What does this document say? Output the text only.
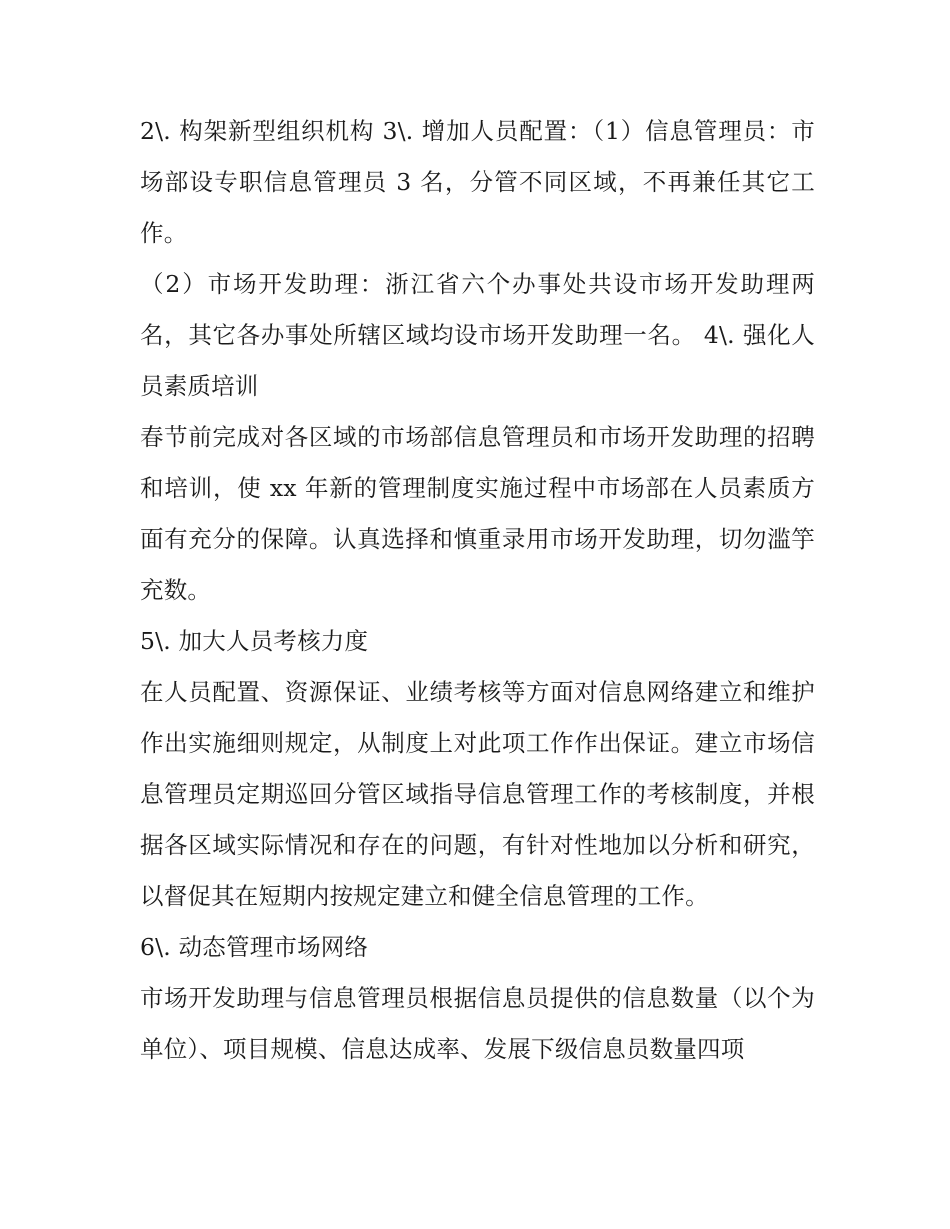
2\. 构架新型组织机构 3\. 增加人员配置：（1）信息管理员：市场部设专职信息管理员 3 名，分管不同区域，不再兼任其它工作。

（2）市场开发助理：浙江省六个办事处共设市场开发助理两名，其它各办事处所辖区域均设市场开发助理一名。 4\. 强化人员素质培训

春节前完成对各区域的市场部信息管理员和市场开发助理的招聘和培训，使 xx 年新的管理制度实施过程中市场部在人员素质方面有充分的保障。认真选择和慎重录用市场开发助理，切勿滥竽充数。

5\. 加大人员考核力度

在人员配置、资源保证、业绩考核等方面对信息网络建立和维护作出实施细则规定，从制度上对此项工作作出保证。建立市场信息管理员定期巡回分管区域指导信息管理工作的考核制度，并根据各区域实际情况和存在的问题，有针对性地加以分析和研究，以督促其在短期内按规定建立和健全信息管理的工作。

6\. 动态管理市场网络

市场开发助理与信息管理员根据信息员提供的信息数量（以个为单位）、项目规模、信息达成率、发展下级信息员数量四项
